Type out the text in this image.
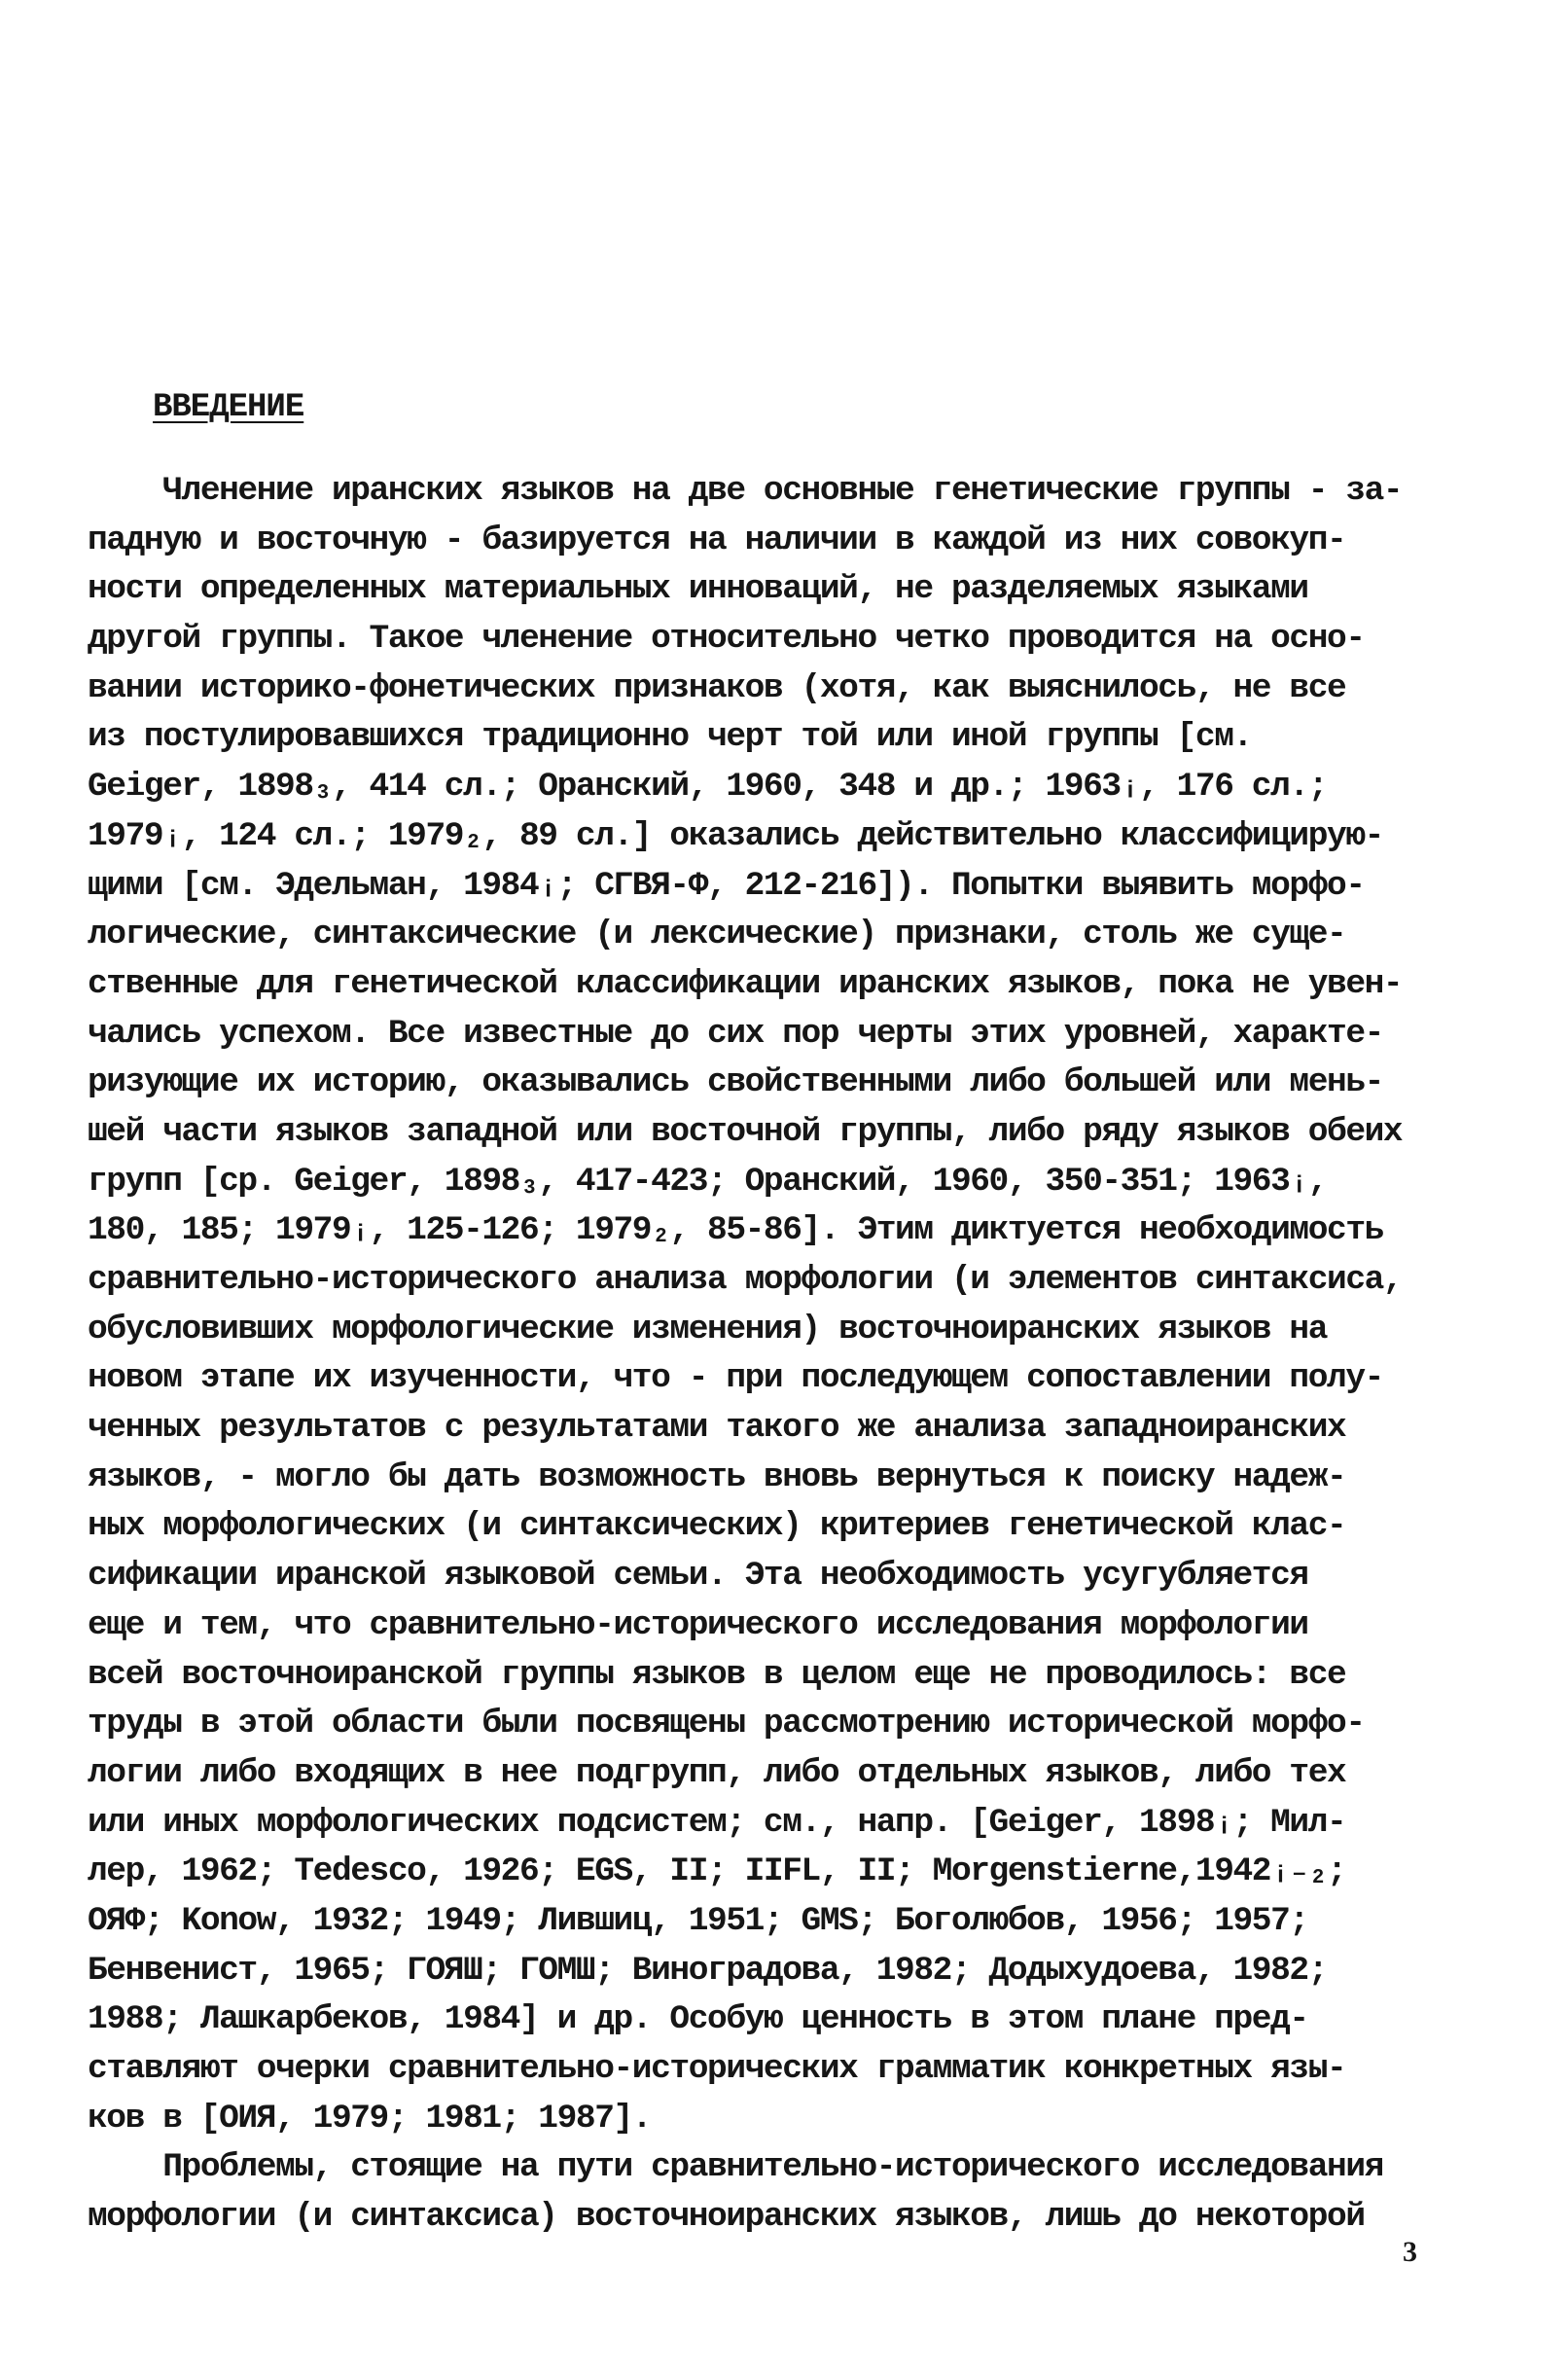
ВВЕДЕНИЕ
Членение иранских языков на две основные генетические группы - за-
падную и восточную - базируется на наличии в каждой из них совокуп-
ности определенных материальных инноваций, не разделяемых языками
другой группы. Такое членение относительно четко проводится на осно-
вании историко-фонетических признаков (хотя, как выяснилось, не все
из постулировавшихся традиционно черт той или иной группы [см.
Geiger, 1898₃, 414 сл.; Оранский, 1960, 348 и др.; 1963ᵢ, 176 сл.;
1979ᵢ, 124 сл.; 1979₂, 89 сл.] оказались действительно классифицирую-
щими [см. Эдельман, 1984ᵢ; СГВЯ-Ф, 212-216]). Попытки выявить морфо-
логические, синтаксические (и лексические) признаки, столь же суще-
ственные для генетической классификации иранских языков, пока не увен-
чались успехом. Все известные до сих пор черты этих уровней, характе-
ризующие их историю, оказывались свойственными либо большей или мень-
шей части языков западной или восточной группы, либо ряду языков обеих
групп [ср. Geiger, 1898₃, 417-423; Оранский, 1960, 350-351; 1963ᵢ,
180, 185; 1979ᵢ, 125-126; 1979₂, 85-86]. Этим диктуется необходимость
сравнительно-исторического анализа морфологии (и элементов синтаксиса,
обусловивших морфологические изменения) восточноиранских языков на
новом этапе их изученности, что - при последующем сопоставлении полу-
ченных результатов с результатами такого же анализа западноиранских
языков, - могло бы дать возможность вновь вернуться к поиску надеж-
ных морфологических (и синтаксических) критериев генетической клас-
сификации иранской языковой семьи. Эта необходимость усугубляется
еще и тем, что сравнительно-исторического исследования морфологии
всей восточноиранской группы языков в целом еще не проводилось: все
труды в этой области были посвящены рассмотрению исторической морфо-
логии либо входящих в нее подгрупп, либо отдельных языков, либо тех
или иных морфологических подсистем; см., напр. [Geiger, 1898ᵢ; Мил-
лер, 1962; Tedesco, 1926; EGS, II; IIFL, II; Morgenstierne,1942ᵢ₋₂;
ОЯФ; Konow, 1932; 1949; Лившиц, 1951; GMS; Боголюбов, 1956; 1957;
Бенвенист, 1965; ГОЯШ; ГОМШ; Виноградова, 1982; Додыхудоева, 1982;
1988; Лашкарбеков, 1984] и др. Особую ценность в этом плане пред-
ставляют очерки сравнительно-исторических грамматик конкретных язы-
ков в [ОИЯ, 1979; 1981; 1987].
Проблемы, стоящие на пути сравнительно-исторического исследования
морфологии (и синтаксиса) восточноиранских языков, лишь до некоторой
3
